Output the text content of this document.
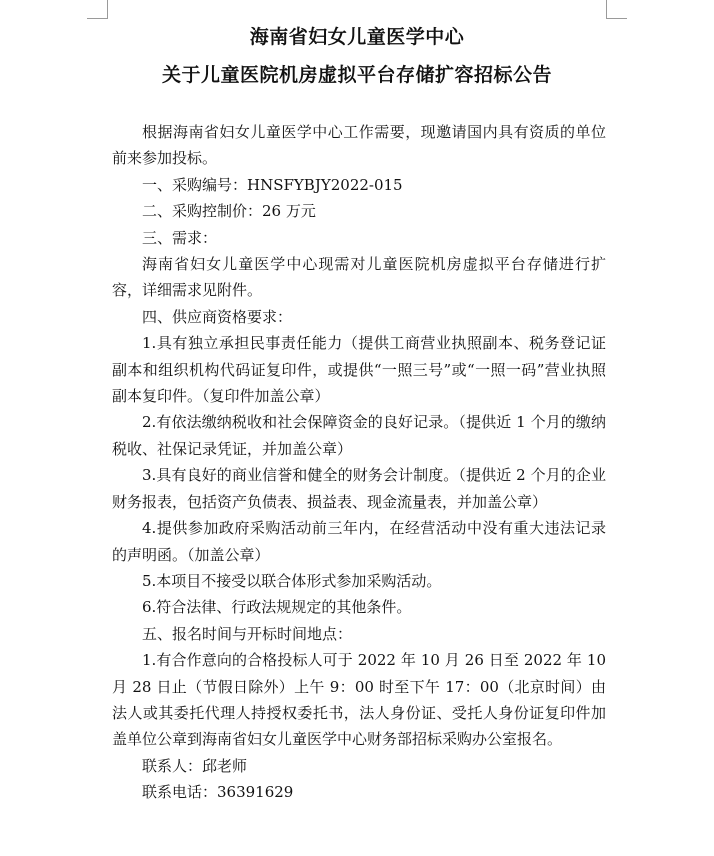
海南省妇女儿童医学中心
关于儿童医院机房虚拟平台存储扩容招标公告

根据海南省妇女儿童医学中心工作需要，现邀请国内具有资质的单位前来参加投标。

一、采购编号：HNSFYBJY2022-015

二、采购控制价：26 万元

三、需求：

海南省妇女儿童医学中心现需对儿童医院机房虚拟平台存储进行扩容，详细需求见附件。

四、供应商资格要求：

1.具有独立承担民事责任能力（提供工商营业执照副本、税务登记证副本和组织机构代码证复印件，或提供“一照三号”或“一照一码”营业执照副本复印件。（复印件加盖公章）

2.有依法缴纳税收和社会保障资金的良好记录。（提供近 1 个月的缴纳税收、社保记录凭证，并加盖公章）

3.具有良好的商业信誉和健全的财务会计制度。（提供近 2 个月的企业财务报表，包括资产负债表、损益表、现金流量表，并加盖公章）

4.提供参加政府采购活动前三年内，在经营活动中没有重大违法记录的声明函。（加盖公章）

5.本项目不接受以联合体形式参加采购活动。

6.符合法律、行政法规规定的其他条件。

五、报名时间与开标时间地点：

1.有合作意向的合格投标人可于 2022 年 10 月 26 日至 2022 年 10 月 28 日止（节假日除外）上午 9：00 时至下午 17：00（北京时间）由法人或其委托代理人持授权委托书，法人身份证、受托人身份证复印件加盖单位公章到海南省妇女儿童医学中心财务部招标采购办公室报名。

联系人：邱老师

联系电话：36391629
